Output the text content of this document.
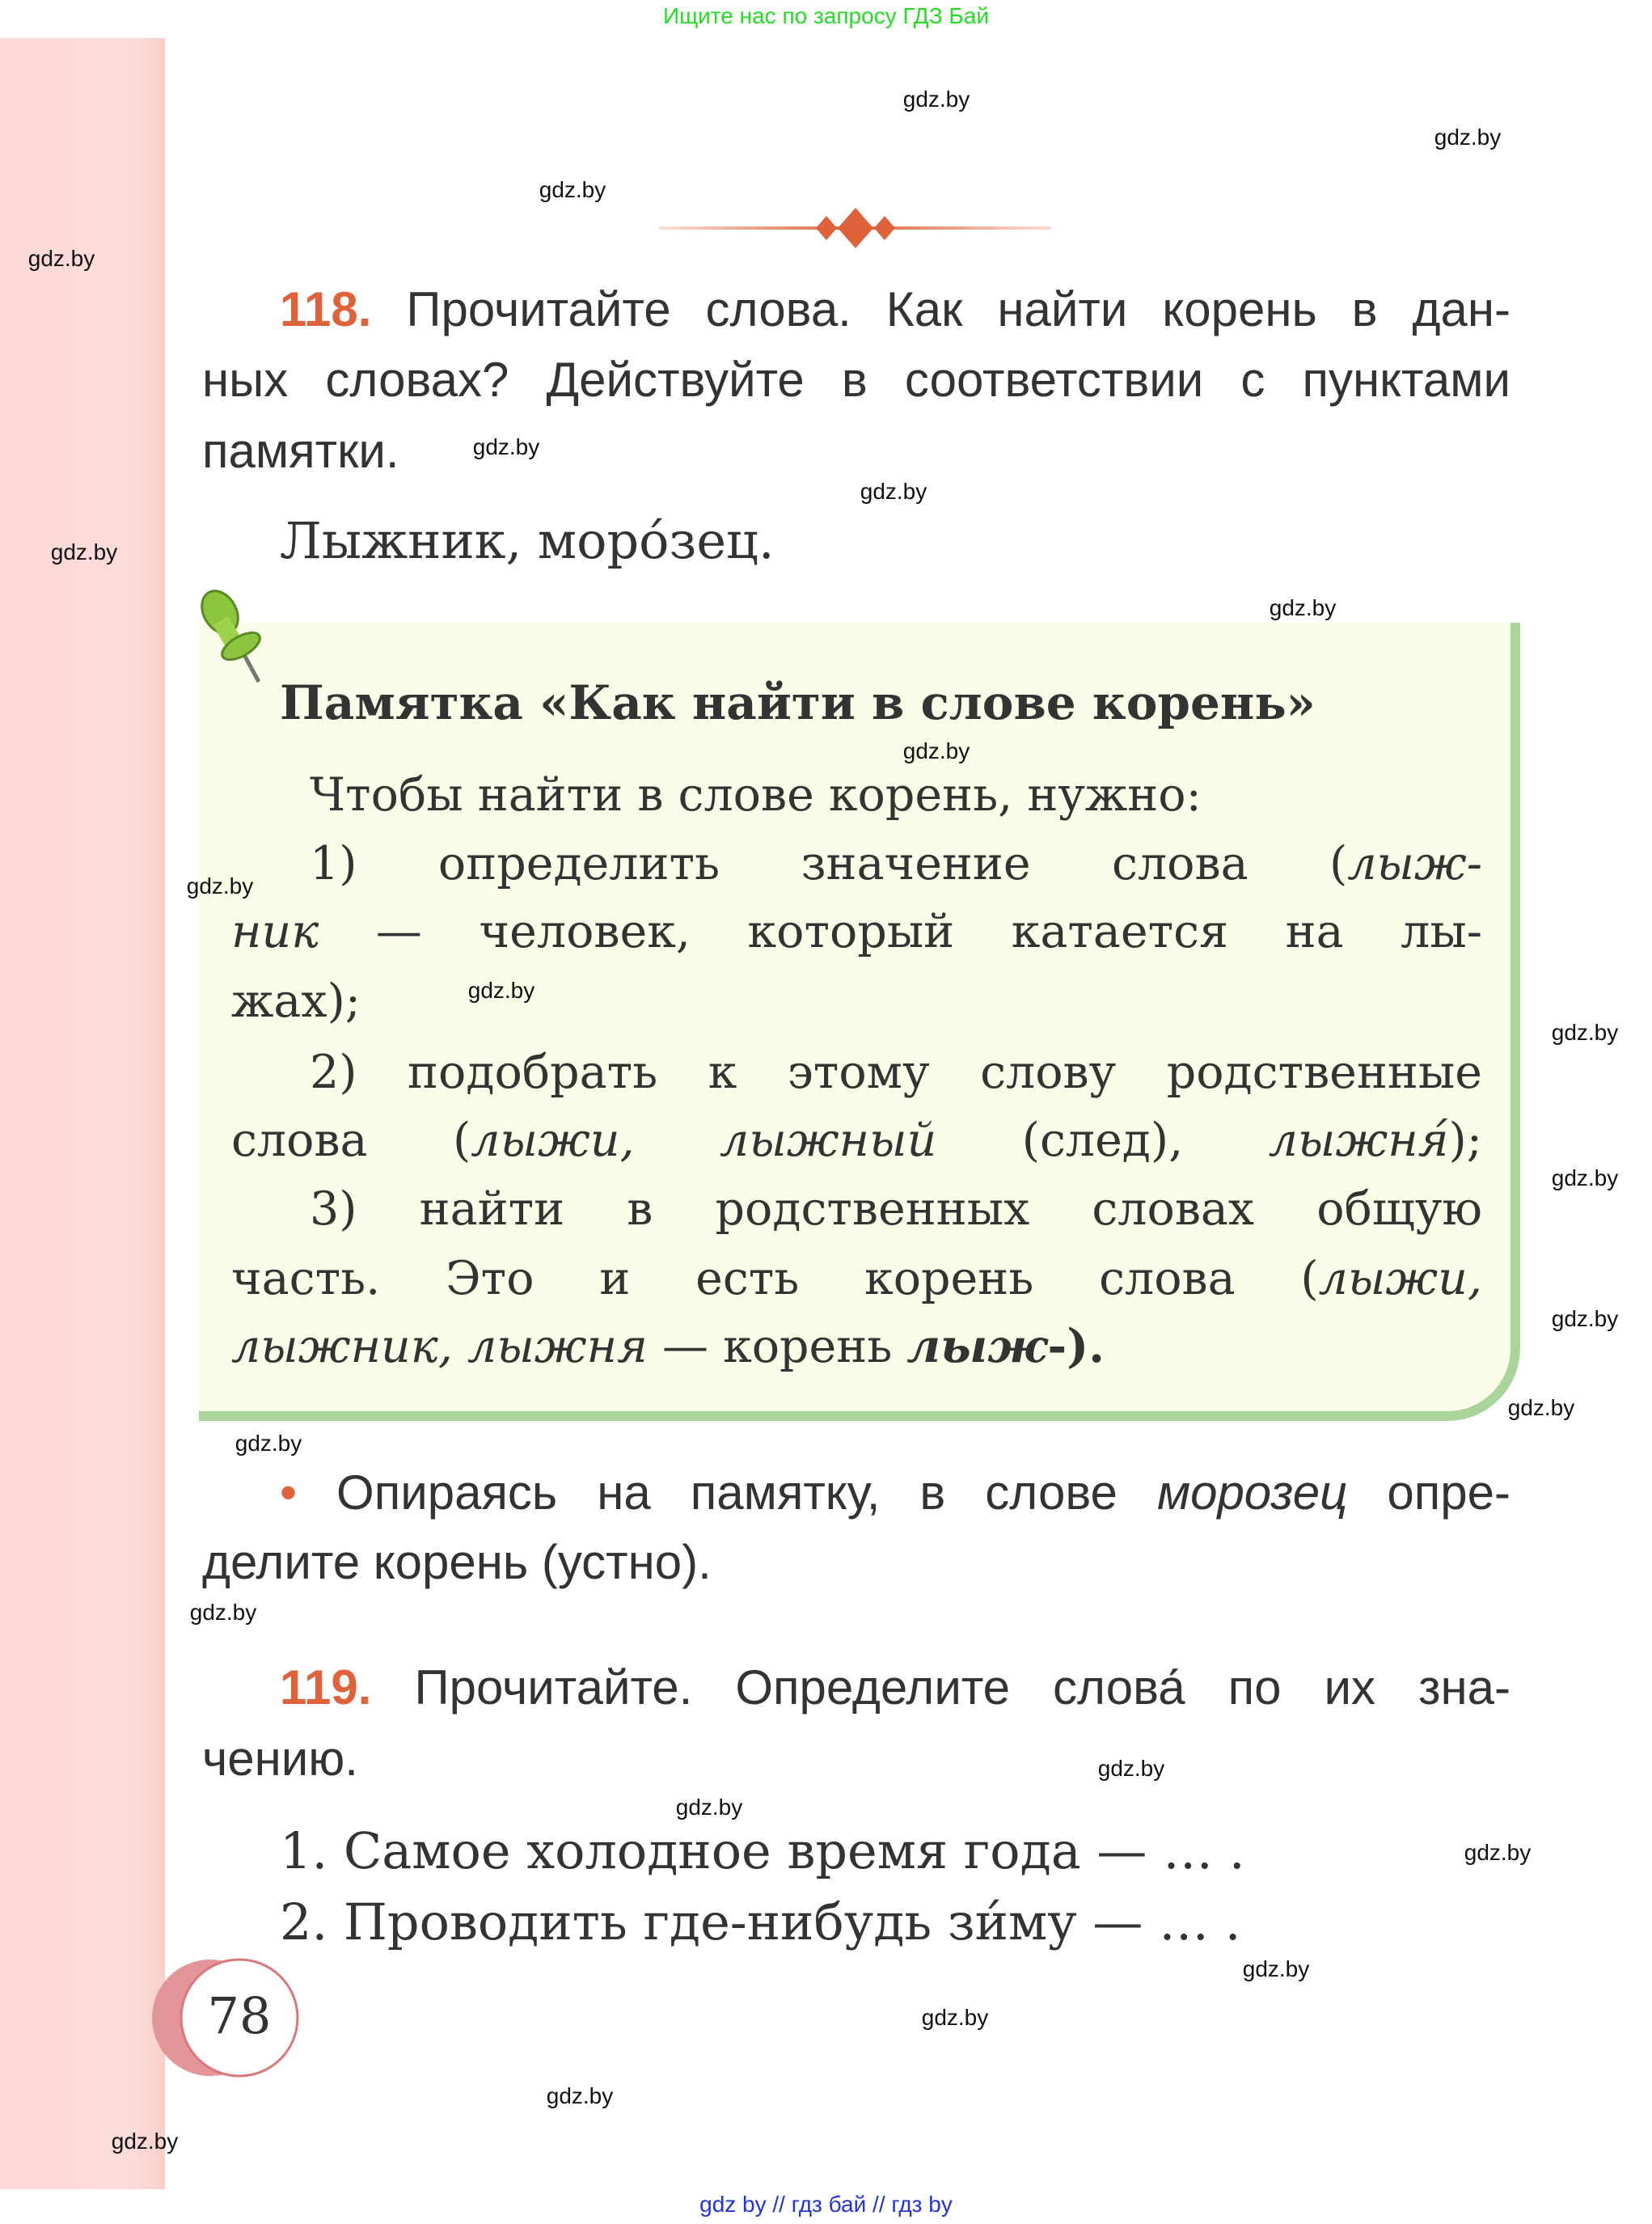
Ищите нас по запросу ГДЗ Бай
118. Прочитайте слова. Как найти корень в дан-
ных словах? Действуйте в соответствии с пунктами
памятки.
Лыжник, моро́зец.
Памятка «Как найти в слове корень»
Чтобы найти в слове корень, нужно:
1) определить значение слова (лыж-
ник — человек, который катается на лы-
жах);
2) подобрать к этому слову родственные
слова (лыжи, лыжный (след), лыжня́);
3) найти в родственных словах общую
часть. Это и есть корень слова (лыжи,
лыжник, лыжня — корень лыж-).
• Опираясь на памятку, в слове морозец опре-
делите корень (устно).
119. Прочитайте. Определите слова́ по их зна-
чению.
1. Самое холодное время года — … .
2. Проводить где-нибудь зи́му — … .
78
gdz by // гдз бай // гдз by
gdz.by
gdz.by
gdz.by
gdz.by
gdz.by
gdz.by
gdz.by
gdz.by
gdz.by
gdz.by
gdz.by
gdz.by
gdz.by
gdz.by
gdz.by
gdz.by
gdz.by
gdz.by
gdz.by
gdz.by
gdz.by
gdz.by
gdz.by
gdz.by
